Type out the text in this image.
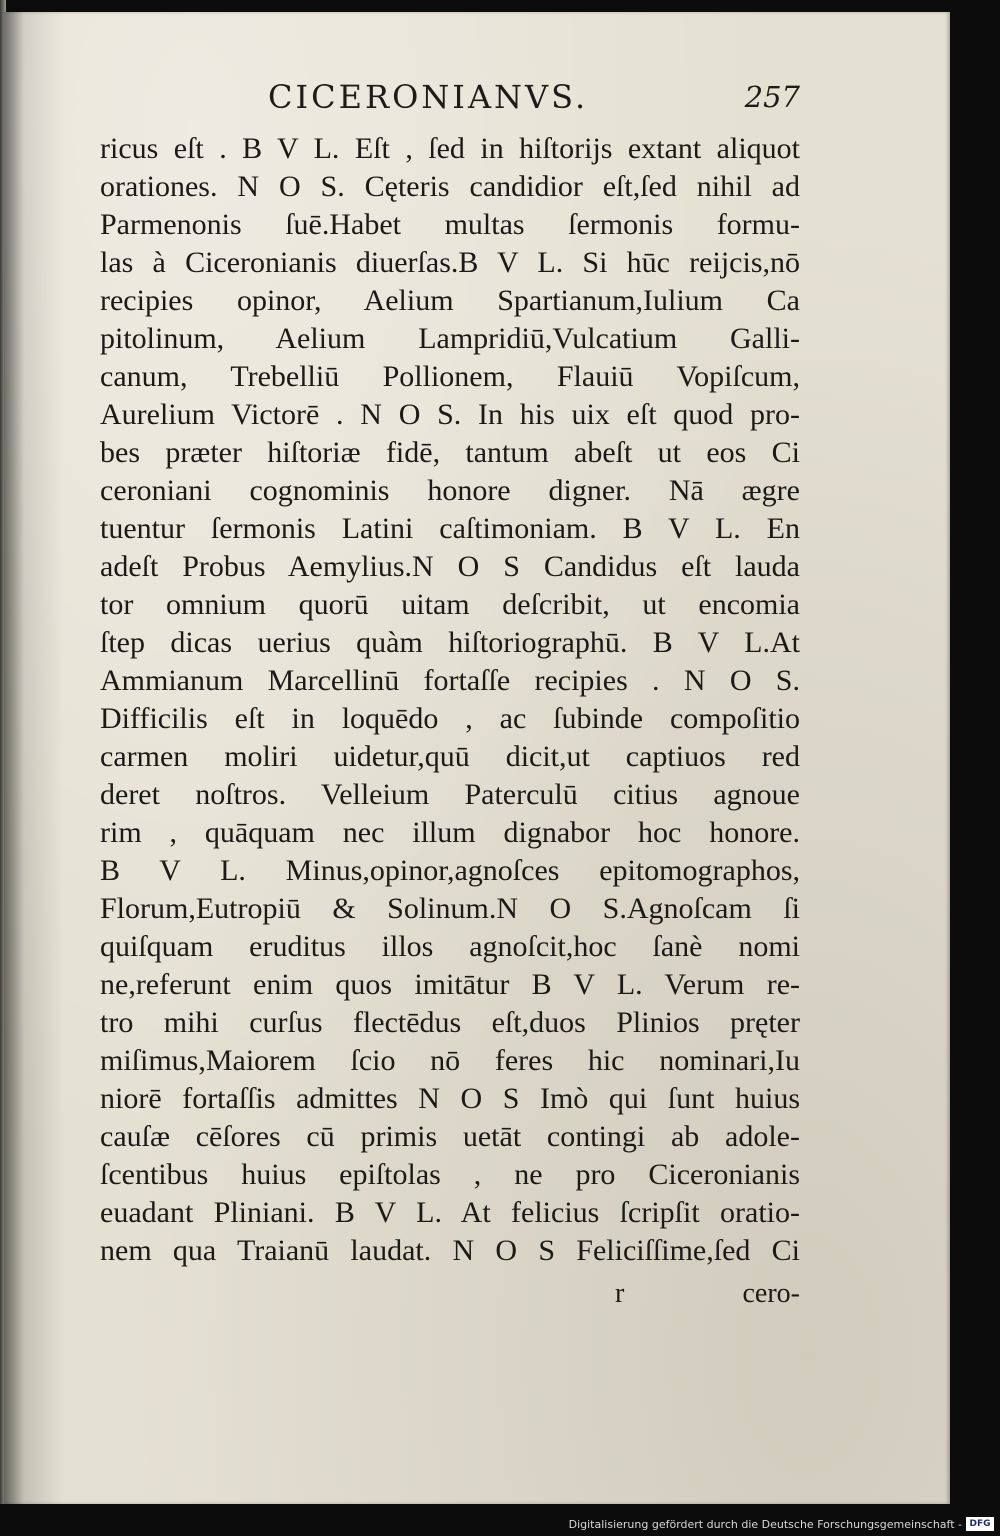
CICERONIANVS.	257
ricus eſt . B V L. Eſt , ſed in hiſtorijs extant aliquot
orationes. N O S. Cęteris candidior eſt,ſed nihil ad
Parmenonis ſuē.Habet multas ſermonis formu-
las à Ciceronianis diuerſas.B V L. Si hūc reijcis,nō
recipies opinor, Aelium Spartianum,Iulium Ca
pitolinum, Aelium Lampridiū,Vulcatium Galli-
canum, Trebelliū Pollionem, Flauiū Vopiſcum,
Aurelium Victorē . N O S. In his uix eſt quod pro-
bes præter hiſtoriæ fidē, tantum abeſt ut eos Ci
ceroniani cognominis honore digner. Nā ægre
tuentur ſermonis Latini caſtimoniam. B V L. En
adeſt Probus Aemylius.N O S Candidus eſt lauda
tor omnium quorū uitam deſcribit, ut encomia
ſtep dicas uerius quàm hiſtoriographū. B V L.At
Ammianum Marcellinū fortaſſe recipies . N O S.
Difficilis eſt in loquēdo , ac ſubinde compoſitio
carmen moliri uidetur,quū dicit,ut captiuos red
deret noſtros. Velleium Paterculū citius agnoue
rim , quāquam nec illum dignabor hoc honore.
B V L. Minus,opinor,agnoſces epitomographos,
Florum,Eutropiū & Solinum.N O S.Agnoſcam ſi
quiſquam eruditus illos agnoſcit,hoc ſanè nomi
ne,referunt enim quos imitātur B V L. Verum re-
tro mihi curſus flectēdus eſt,duos Plinios pręter
miſimus,Maiorem ſcio nō feres hic nominari,Iu
niorē fortaſſis admittes N O S Imò qui ſunt huius
cauſæ cēſores cū primis uetāt contingi ab adole-
ſcentibus huius epiſtolas , ne pro Ciceronianis
euadant Pliniani. B V L. At felicius ſcripſit oratio-
nem qua Traianū laudat. N O S Feliciſſime,ſed Ci
r	cero-
Digitalisierung gefördert durch die Deutsche Forschungsgemeinschaft - DFG
